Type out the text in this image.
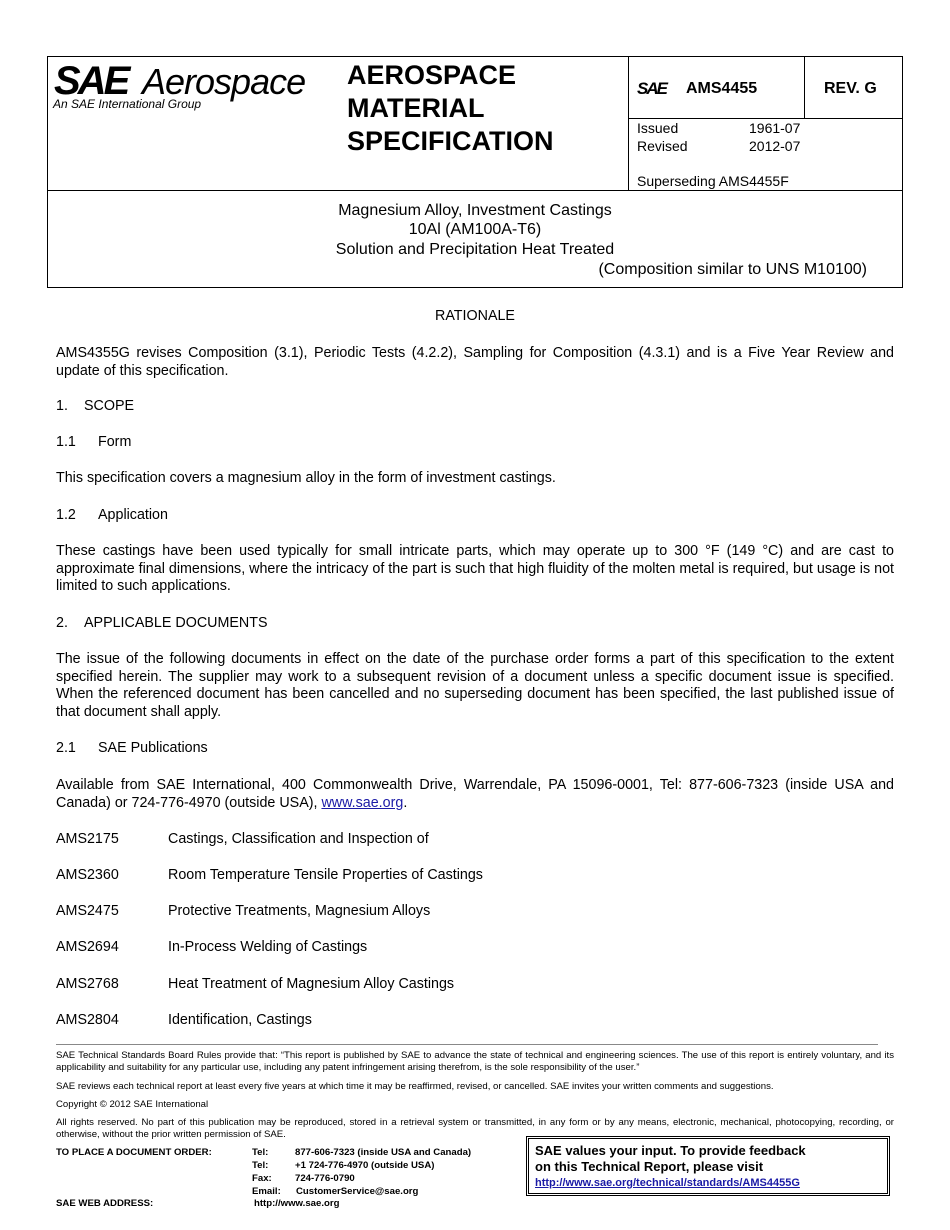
SAE Aerospace
An SAE International Group
AEROSPACE
MATERIAL
SPECIFICATION
SAE AMS4455	REV. G
Issued	1961-07
Revised	2012-07
Superseding AMS4455F
Magnesium Alloy, Investment Castings
10Al (AM100A-T6)
Solution and Precipitation Heat Treated
(Composition similar to UNS M10100)
RATIONALE
AMS4355G revises Composition (3.1), Periodic Tests (4.2.2), Sampling for Composition (4.3.1) and is a Five Year Review and update of this specification.
1. SCOPE
1.1 Form
This specification covers a magnesium alloy in the form of investment castings.
1.2 Application
These castings have been used typically for small intricate parts, which may operate up to 300 °F (149 °C) and are cast to approximate final dimensions, where the intricacy of the part is such that high fluidity of the molten metal is required, but usage is not limited to such applications.
2. APPLICABLE DOCUMENTS
The issue of the following documents in effect on the date of the purchase order forms a part of this specification to the extent specified herein. The supplier may work to a subsequent revision of a document unless a specific document issue is specified. When the referenced document has been cancelled and no superseding document has been specified, the last published issue of that document shall apply.
2.1 SAE Publications
Available from SAE International, 400 Commonwealth Drive, Warrendale, PA 15096-0001, Tel: 877-606-7323 (inside USA and Canada) or 724-776-4970 (outside USA), www.sae.org.
AMS2175	Castings, Classification and Inspection of
AMS2360	Room Temperature Tensile Properties of Castings
AMS2475	Protective Treatments, Magnesium Alloys
AMS2694	In-Process Welding of Castings
AMS2768	Heat Treatment of Magnesium Alloy Castings
AMS2804	Identification, Castings
SAE Technical Standards Board Rules provide that: “This report is published by SAE to advance the state of technical and engineering sciences. The use of this report is entirely voluntary, and its applicability and suitability for any particular use, including any patent infringement arising therefrom, is the sole responsibility of the user.”
SAE reviews each technical report at least every five years at which time it may be reaffirmed, revised, or cancelled. SAE invites your written comments and suggestions.
Copyright © 2012 SAE International
All rights reserved. No part of this publication may be reproduced, stored in a retrieval system or transmitted, in any form or by any means, electronic, mechanical, photocopying, recording, or otherwise, without the prior written permission of SAE.
TO PLACE A DOCUMENT ORDER:	Tel:	877-606-7323 (inside USA and Canada)
Tel:	+1 724-776-4970 (outside USA)
Fax: 724-776-0790
Email: CustomerService@sae.org
SAE WEB ADDRESS:	http://www.sae.org
SAE values your input. To provide feedback
on this Technical Report, please visit
http://www.sae.org/technical/standards/AMS4455G
